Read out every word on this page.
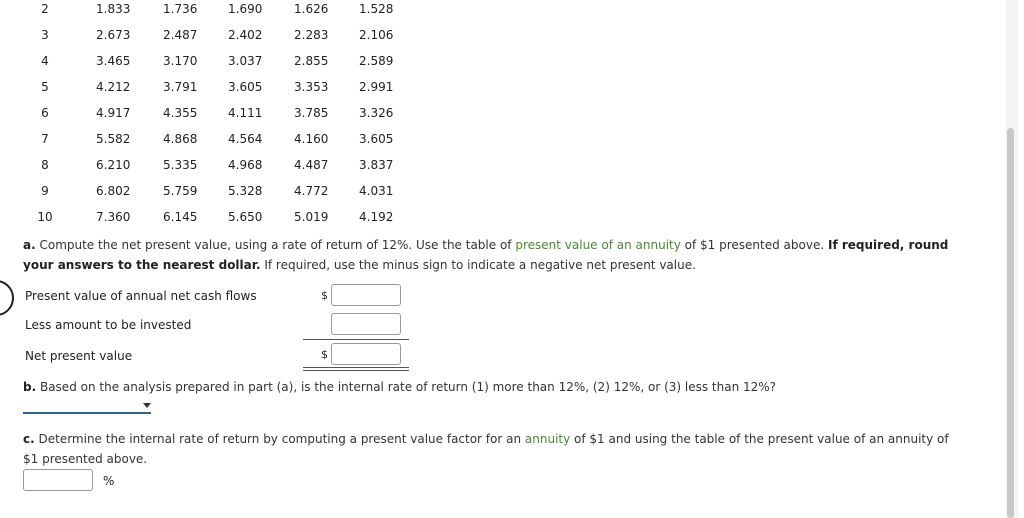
2	1.833	1.736	1.690	1.626	1.528
3	2.673	2.487	2.402	2.283	2.106
4	3.465	3.170	3.037	2.855	2.589
5	4.212	3.791	3.605	3.353	2.991
6	4.917	4.355	4.111	3.785	3.326
7	5.582	4.868	4.564	4.160	3.605
8	6.210	5.335	4.968	4.487	3.837
9	6.802	5.759	5.328	4.772	4.031
10	7.360	6.145	5.650	5.019	4.192
a. Compute the net present value, using a rate of return of 12%. Use the table of present value of an annuity of $1 presented above. If required, round your answers to the nearest dollar. If required, use the minus sign to indicate a negative net present value.
Present value of annual net cash flows	$
Less amount to be invested
Net present value	$
b. Based on the analysis prepared in part (a), is the internal rate of return (1) more than 12%, (2) 12%, or (3) less than 12%?
c. Determine the internal rate of return by computing a present value factor for an annuity of $1 and using the table of the present value of an annuity of $1 presented above.
%
